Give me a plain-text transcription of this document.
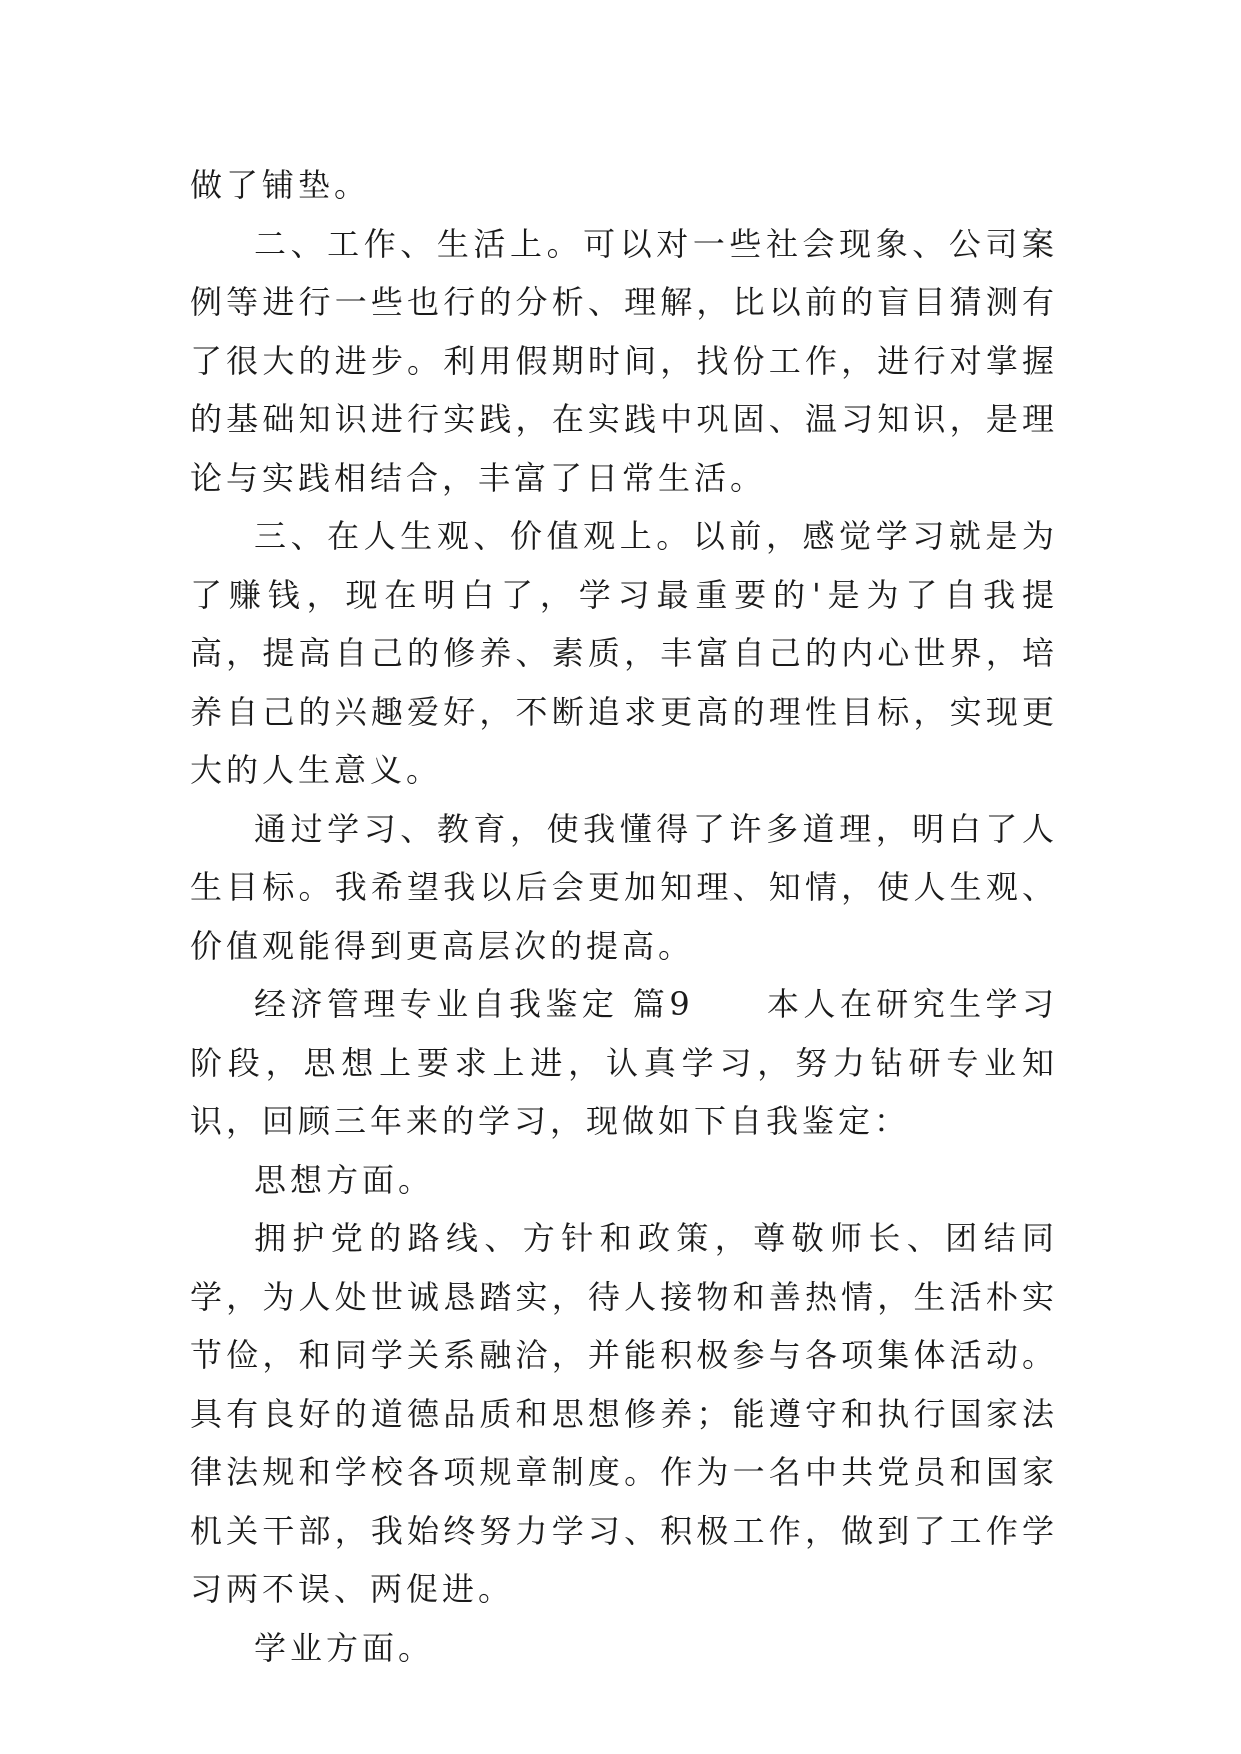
做了铺垫。

二、工作、生活上。可以对一些社会现象、公司案例等进行一些也行的分析、理解，比以前的盲目猜测有了很大的进步。利用假期时间，找份工作，进行对掌握的基础知识进行实践，在实践中巩固、温习知识，是理论与实践相结合，丰富了日常生活。

三、在人生观、价值观上。以前，感觉学习就是为了赚钱，现在明白了，学习最重要的'是为了自我提高，提高自己的修养、素质，丰富自己的内心世界，培养自己的兴趣爱好，不断追求更高的理性目标，实现更大的人生意义。

通过学习、教育，使我懂得了许多道理，明白了人生目标。我希望我以后会更加知理、知情，使人生观、价值观能得到更高层次的提高。

经济管理专业自我鉴定 篇9　　本人在研究生学习阶段，思想上要求上进，认真学习，努力钻研专业知识，回顾三年来的学习，现做如下自我鉴定：

思想方面。

拥护党的路线、方针和政策，尊敬师长、团结同学，为人处世诚恳踏实，待人接物和善热情，生活朴实节俭，和同学关系融洽，并能积极参与各项集体活动。具有良好的道德品质和思想修养；能遵守和执行国家法律法规和学校各项规章制度。作为一名中共党员和国家机关干部，我始终努力学习、积极工作，做到了工作学习两不误、两促进。

学业方面。
